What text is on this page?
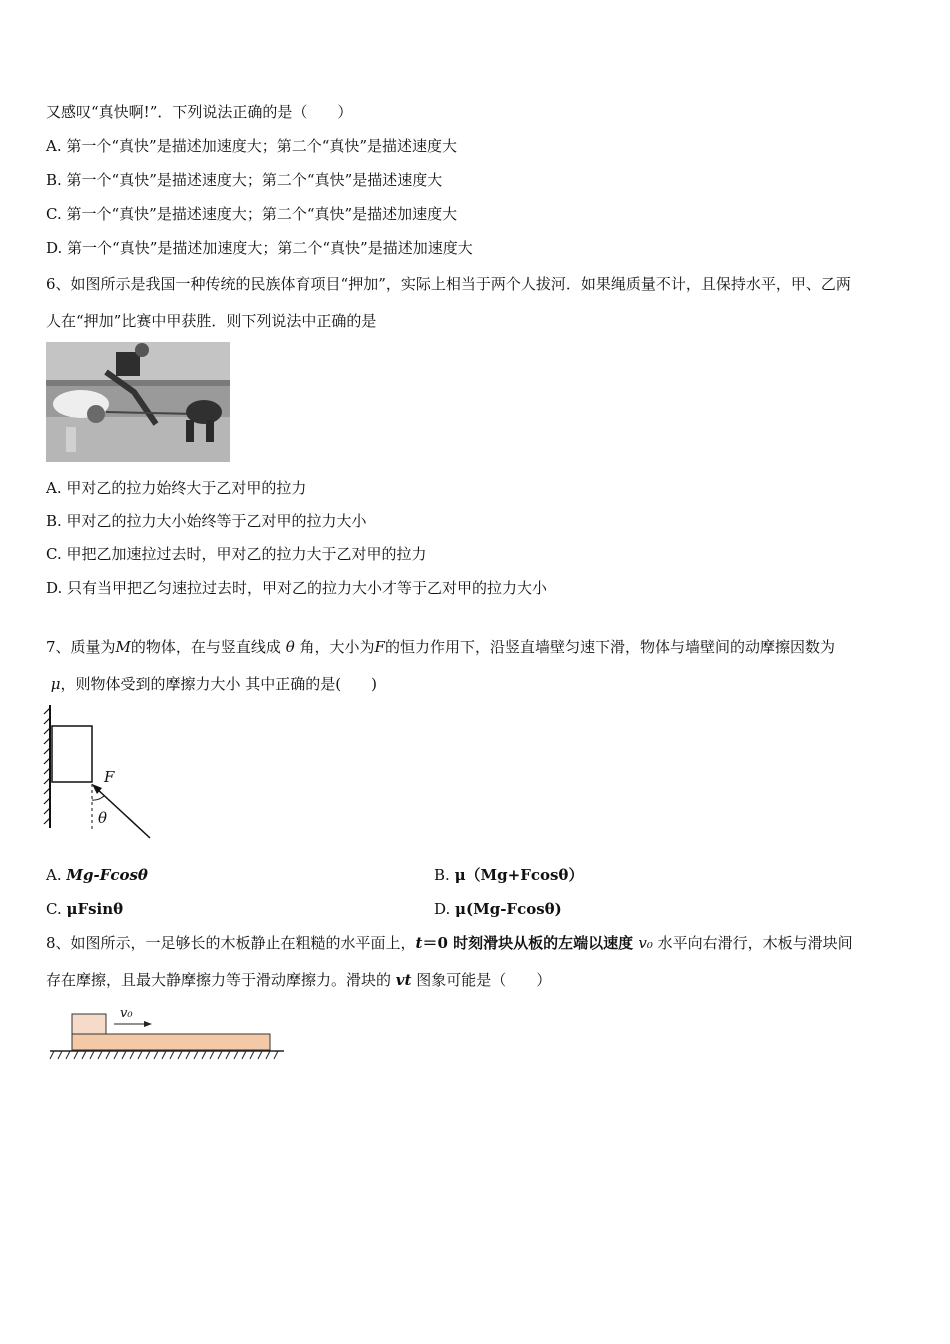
又感叹“真快啊!”．下列说法正确的是（　　）
A. 第一个“真快”是描述加速度大；第二个“真快”是描述速度大
B. 第一个“真快”是描述速度大；第二个“真快”是描述速度大
C. 第一个“真快”是描述速度大；第二个“真快”是描述加速度大
D. 第一个“真快”是描述加速度大；第二个“真快”是描述加速度大
6、如图所示是我国一种传统的民族体育项目“押加”，实际上相当于两个人拔河．如果绳质量不计，且保持水平，甲、乙两
人在“押加”比赛中甲获胜．则下列说法中正确的是
A. 甲对乙的拉力始终大于乙对甲的拉力
B. 甲对乙的拉力大小始终等于乙对甲的拉力大小
C. 甲把乙加速拉过去时，甲对乙的拉力大于乙对甲的拉力
D. 只有当甲把乙匀速拉过去时，甲对乙的拉力大小才等于乙对甲的拉力大小
7、质量为M的物体，在与竖直线成 θ 角，大小为F的恒力作用下，沿竖直墙壁匀速下滑，物体与墙壁间的动摩擦因数为
μ，则物体受到的摩擦力大小 其中正确的是(　　)
F
θ
A. Mg-Fcosθ	B. μ（Mg+Fcosθ）
C. μFsinθ	D. μ(Mg-Fcosθ)
8、如图所示，一足够长的木板静止在粗糙的水平面上，t＝0 时刻滑块从板的左端以速度 v₀ 水平向右滑行，木板与滑块间
存在摩擦，且最大静摩擦力等于滑动摩擦力。滑块的 vt 图象可能是（　　）
v₀
